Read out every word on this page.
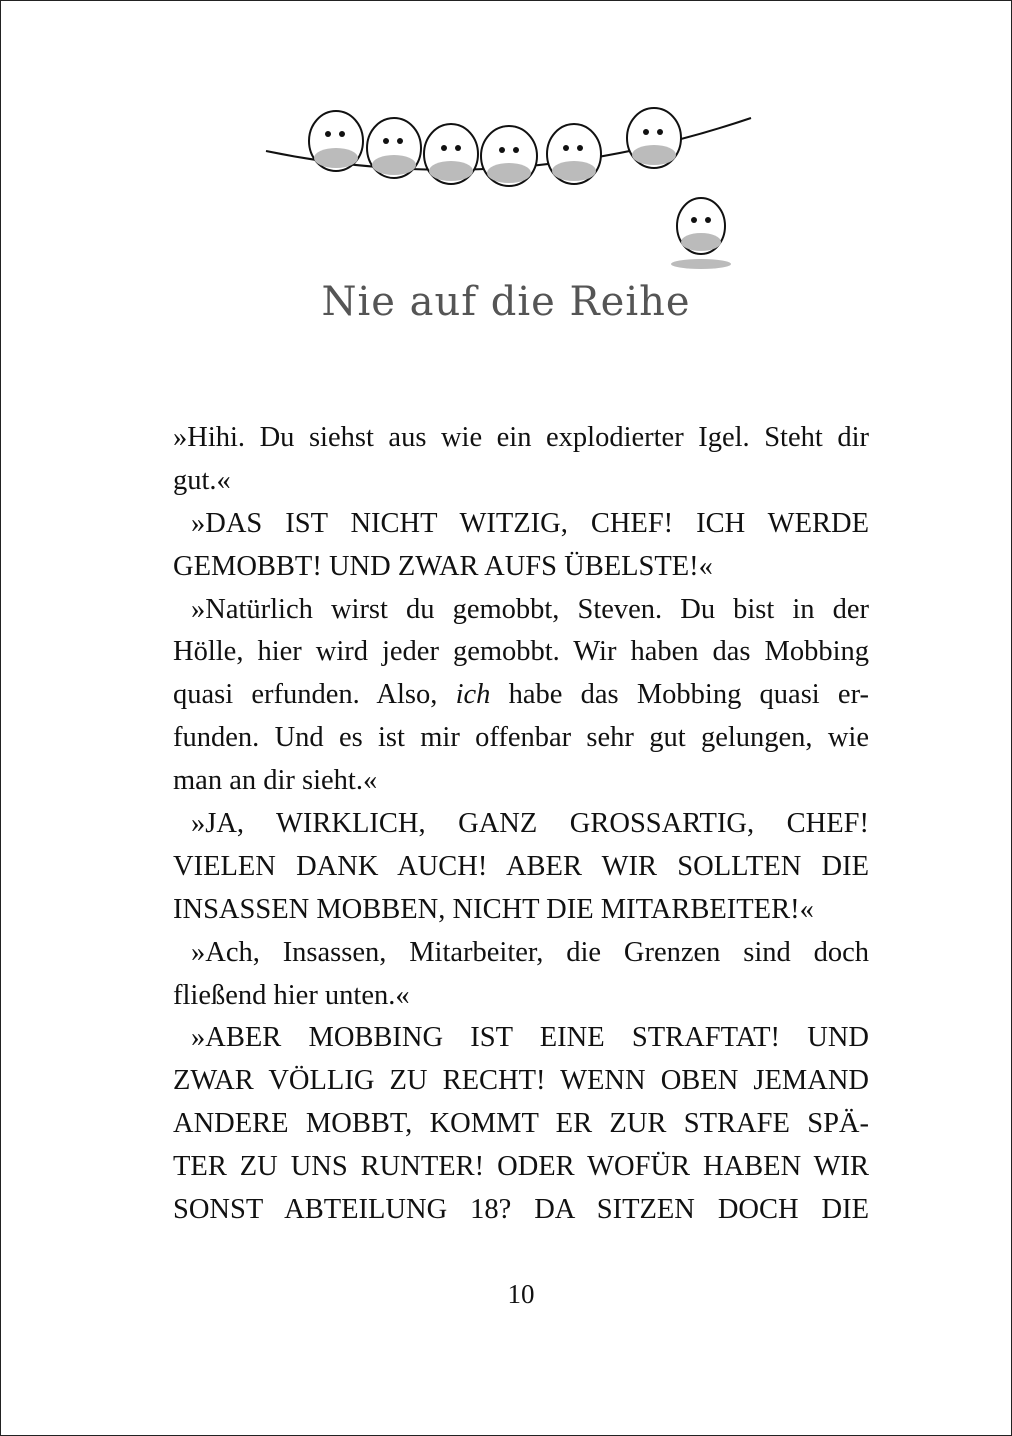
Nie auf die Reihe
»Hihi. Du siehst aus wie ein explodierter Igel. Steht dir
gut.«
»DAS IST NICHT WITZIG, CHEF! ICH WERDE
GEMOBBT! UND ZWAR AUFS ÜBELSTE!«
»Natürlich wirst du gemobbt, Steven. Du bist in der
Hölle, hier wird jeder gemobbt. Wir haben das Mobbing
quasi erfunden. Also, ich habe das Mobbing quasi er-
funden. Und es ist mir offenbar sehr gut gelungen, wie
man an dir sieht.«
»JA, WIRKLICH, GANZ GROSSARTIG, CHEF!
VIELEN DANK AUCH! ABER WIR SOLLTEN DIE
INSASSEN MOBBEN, NICHT DIE MITARBEITER!«
»Ach, Insassen, Mitarbeiter, die Grenzen sind doch
fließend hier unten.«
»ABER MOBBING IST EINE STRAFTAT! UND
ZWAR VÖLLIG ZU RECHT! WENN OBEN JEMAND
ANDERE MOBBT, KOMMT ER ZUR STRAFE SPÄ-
TER ZU UNS RUNTER! ODER WOFÜR HABEN WIR
SONST ABTEILUNG 18? DA SITZEN DOCH DIE
10
